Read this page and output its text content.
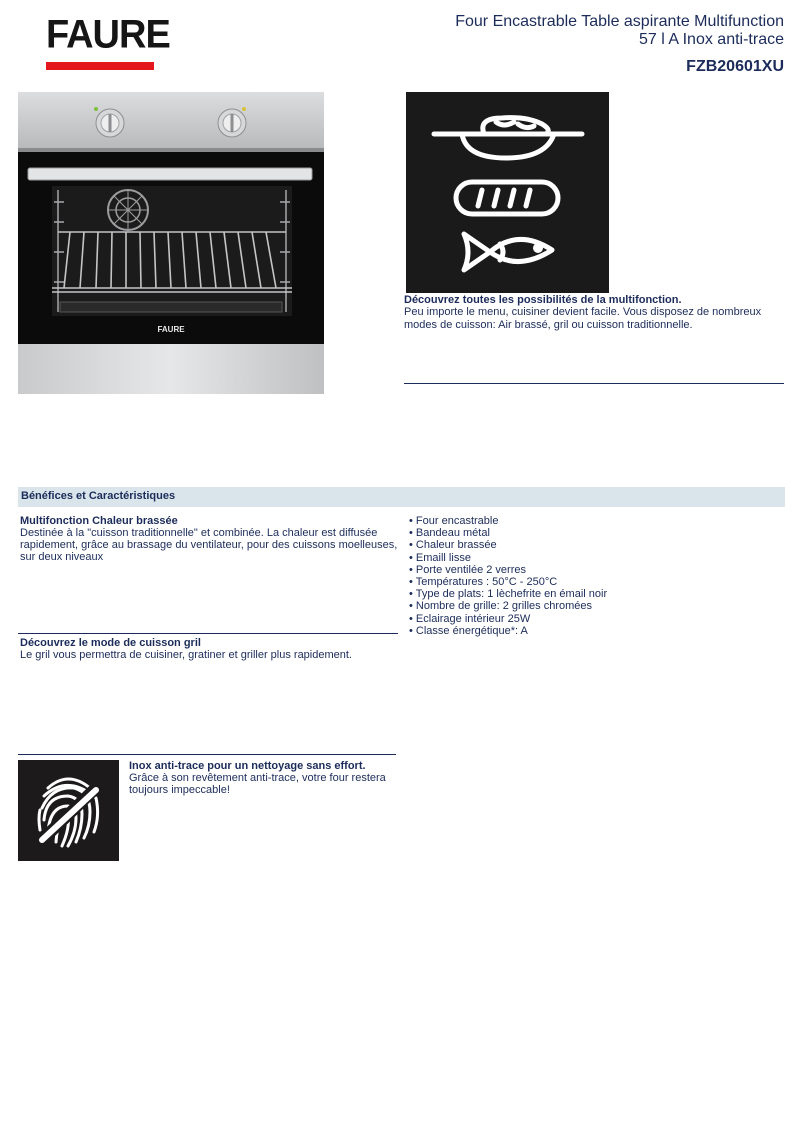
FAURE	Four Encastrable Table aspirante Multifunction
57 l A Inox anti-trace
FZB20601XU
FAURE
Découvrez toutes les possibilités de la multifonction.
Peu importe le menu, cuisiner devient facile. Vous disposez de nombreux modes de cuisson: Air brassé, gril ou cuisson traditionnelle.
Bénéfices et Caractéristiques
Multifonction Chaleur brassée
Destinée à la "cuisson traditionnelle" et combinée. La chaleur est diffusée rapidement, grâce au brassage du ventilateur, pour des cuissons moelleuses, sur deux niveaux
Découvrez le mode de cuisson gril
Le gril vous permettra de cuisiner, gratiner et griller plus rapidement.
Inox anti-trace pour un nettoyage sans effort.
Grâce à son revêtement anti-trace, votre four restera toujours impeccable!
• Four encastrable
• Bandeau métal
• Chaleur brassée
• Emaill lisse
• Porte ventilée 2 verres
• Températures : 50°C - 250°C
• Type de plats: 1 lèchefrite en émail noir
• Nombre de grille: 2 grilles chromées
• Eclairage intérieur 25W
• Classe énergétique*: A
